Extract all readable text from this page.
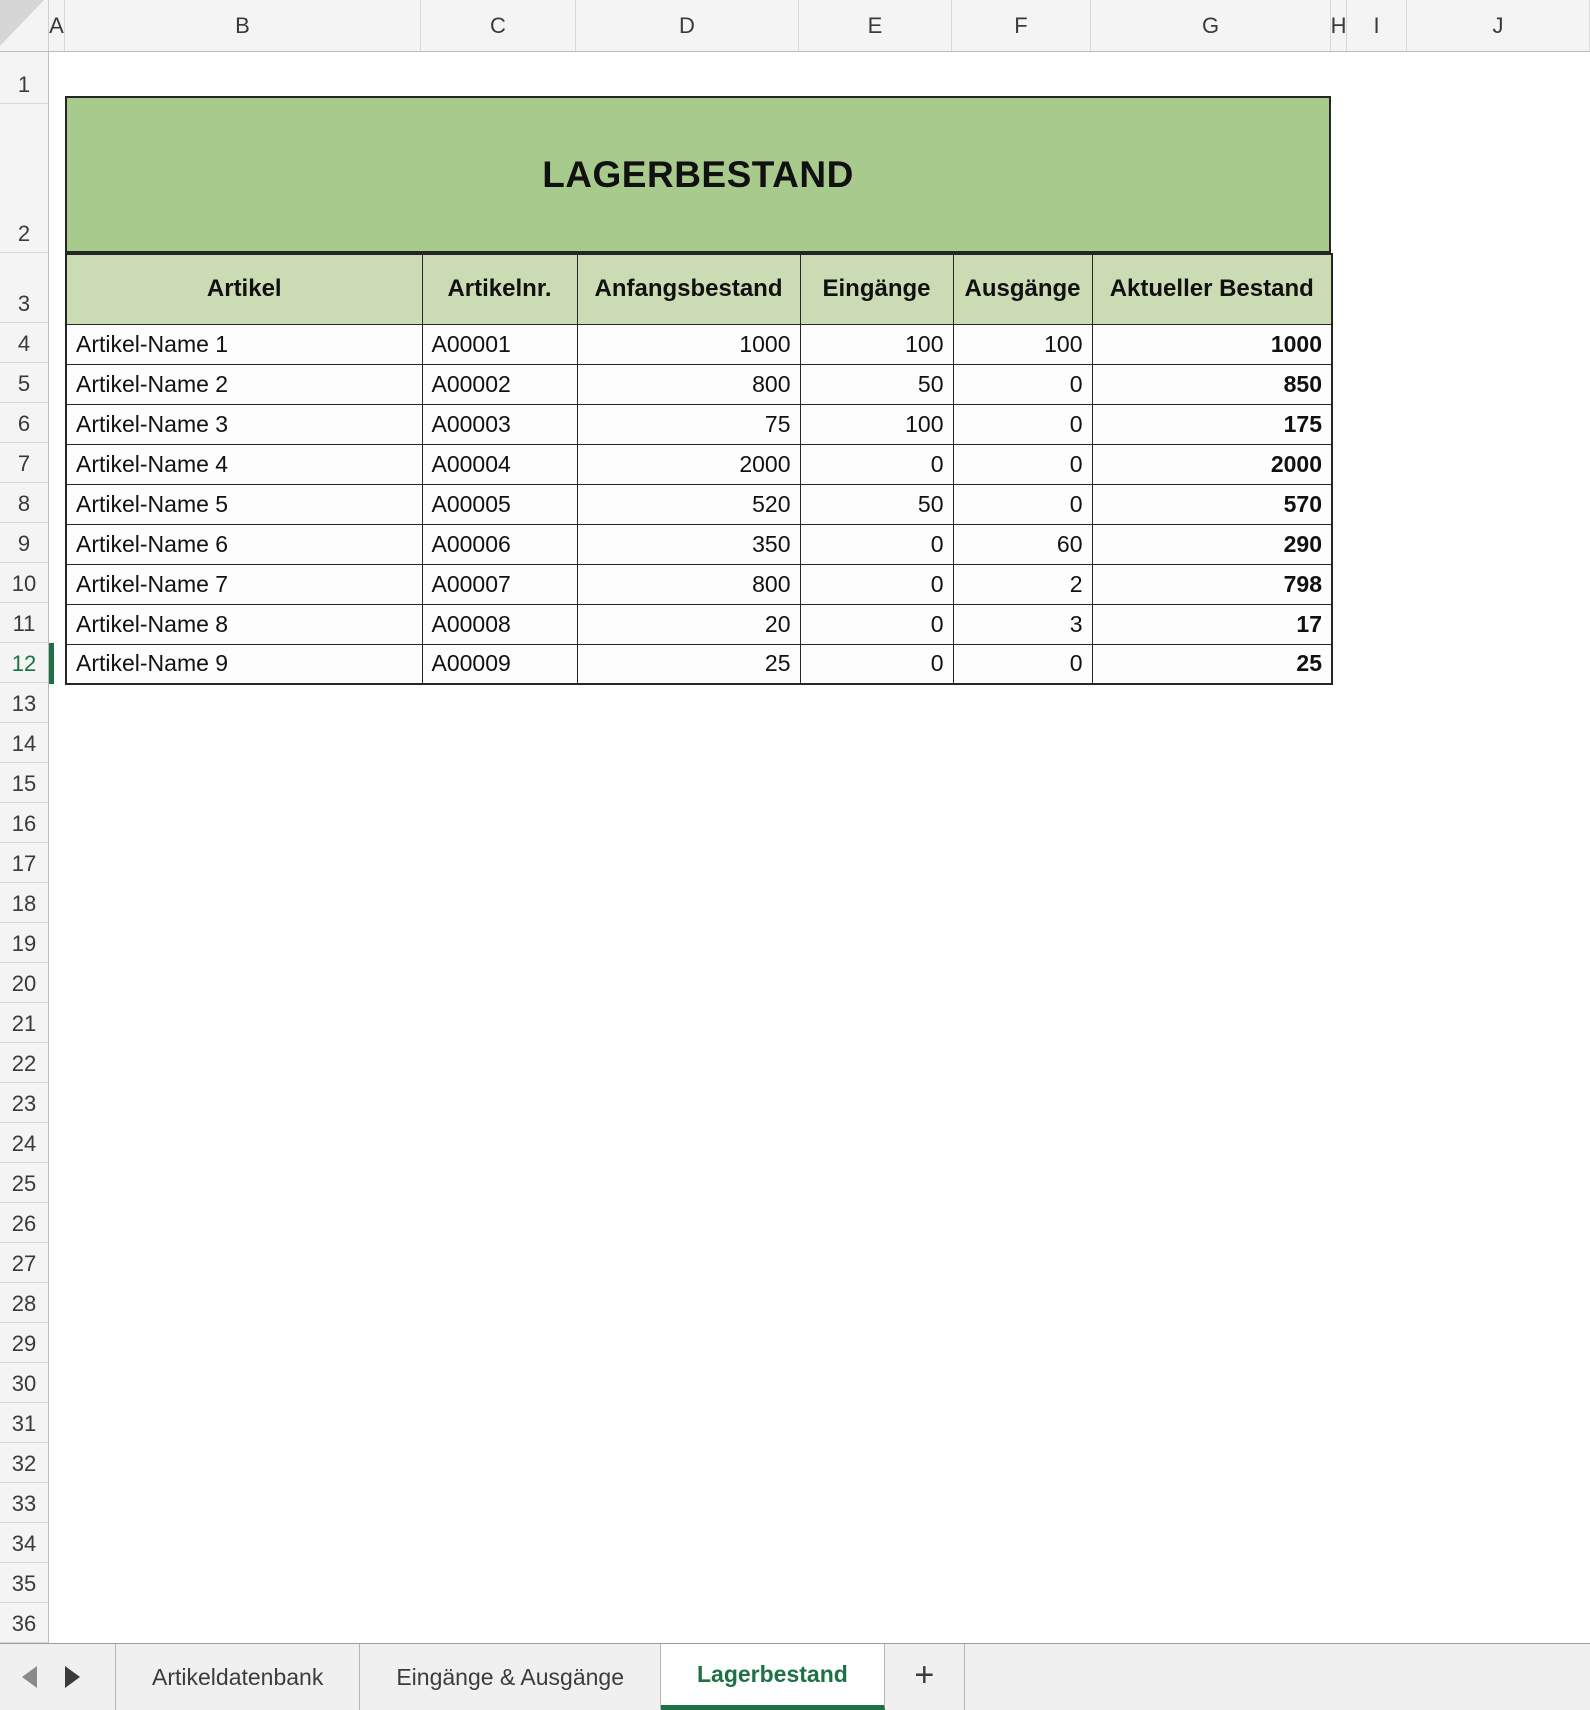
A	B	C	D	E	F	G	H	I	J
1
2
3
4
5
6
7
8
9
10
11
12
13
14
15
16
17
18
19
20
21
22
23
24
25
26
27
28
29
30
31
32
33
34
35
36
LAGERBESTAND
Artikel	Artikelnr.	Anfangsbestand	Eingänge	Ausgänge	Aktueller Bestand
Artikel-Name 1	A00001	1000	100	100	1000
Artikel-Name 2	A00002	800	50	0	850
Artikel-Name 3	A00003	75	100	0	175
Artikel-Name 4	A00004	2000	0	0	2000
Artikel-Name 5	A00005	520	50	0	570
Artikel-Name 6	A00006	350	0	60	290
Artikel-Name 7	A00007	800	0	2	798
Artikel-Name 8	A00008	20	0	3	17
Artikel-Name 9	A00009	25	0	0	25
Artikeldatenbank	Eingänge & Ausgänge	Lagerbestand	+
